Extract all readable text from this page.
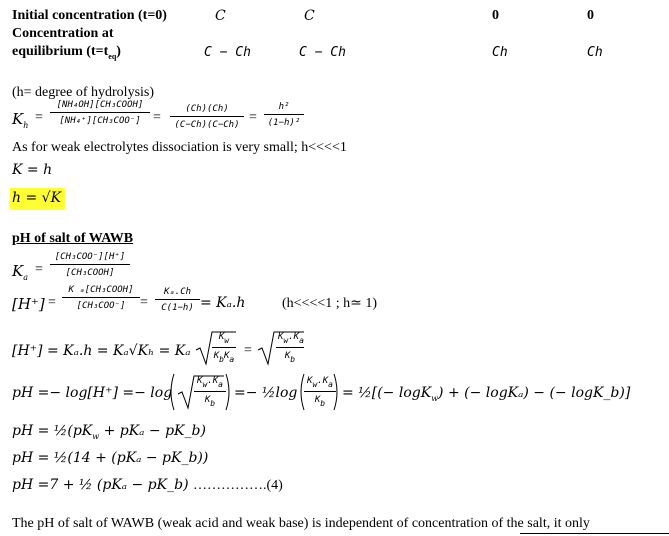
Initial concentration (t=0)	C	C	0	0
Concentration at
equilibrium $(t=t_{eq})$	C − Ch	C − Ch	Ch	Ch
(h= degree of hydrolysis)
$K_h$
=
[NH₄OH][CH₃COOH]
$[NH_4^+][CH_3COO^-] = \frac{(Ch)(Ch)}{(C-Ch)(C-Ch)} = \frac{\text{h²}}{\text{(1−h)²}}$
As for weak electrolytes dissociation is very small; h<<<<1
K = h
h = √K
pH of salt of WAWB
$K_a$
=
[CH₃COO⁻][H⁺]
[CH₃COOH]
[H⁺] =
K ₐ[CH₃COOH]
[CH₃COO⁻]	= $\frac{\text{Kₐ.Ch}}{C(1-h)} = K_a.h$	(h<<<<1 ; h≃ 1)
[H⁺] = Kₐ.h = Kₐ√Kₕ = Kₐ
Kw
KbKa
=	$\frac{Kw.Ka}{Kb}$
pH =− $\log[H^+] =- \log \frac{Kw.Ka}{Kb}$ =− ½log $\frac{Kw.Ka}{Kb}$ = ½[(− logK$_w$) + (− logKₐ) − (− logK_b)]
pH = $\frac{1}{2}(pK_w + pK_a$ − pK_b)
pH = ½(14 + (pKₐ − pK_b))
pH =7 + ½ (pKₐ − pK_b) …………….(4)
The pH of salt of WAWB (weak acid and weak base) is independent of concentration of the salt, it only
